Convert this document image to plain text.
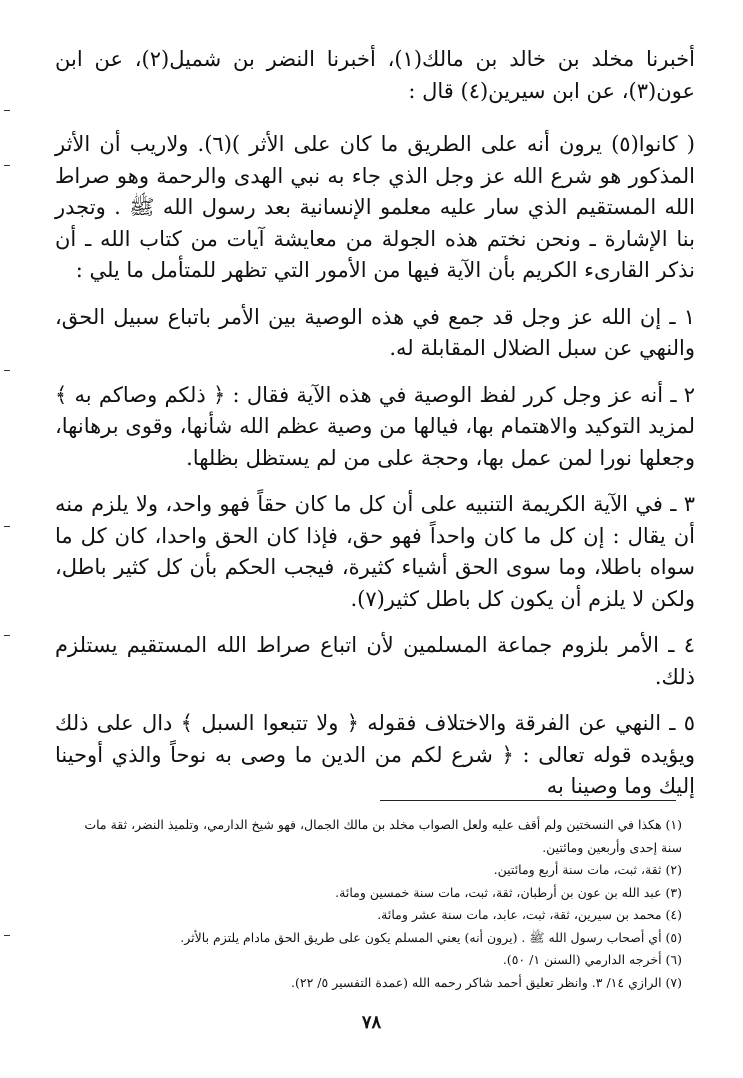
أخبرنا مخلد بن خالد بن مالك(١)، أخبرنا النضر بن شميل(٢)، عن ابن عون(٣)، عن ابن سيرين(٤) قال :

( كانوا(٥) يرون أنه على الطريق ما كان على الأثر )(٦). ولاريب أن الأثر المذكور هو شرع الله عز وجل الذي جاء به نبي الهدى والرحمة وهو صراط الله المستقيم الذي سار عليه معلمو الإنسانية بعد رسول الله ﷺ . وتجدر بنا الإشارة ـ ونحن نختم هذه الجولة من معايشة آيات من كتاب الله ـ أن نذكر القارىء الكريم بأن الآية فيها من الأمور التي تظهر للمتأمل ما يلي :

١ ـ إن الله عز وجل قد جمع في هذه الوصية بين الأمر باتباع سبيل الحق، والنهي عن سبل الضلال المقابلة له.

٢ ـ أنه عز وجل كرر لفظ الوصية في هذه الآية فقال : ﴿ ذلكم وصاكم به ﴾ لمزيد التوكيد والاهتمام بها، فيالها من وصية عظم الله شأنها، وقوى برهانها، وجعلها نورا لمن عمل بها، وحجة على من لم يستظل بظلها.

٣ ـ في الآية الكريمة التنبيه على أن كل ما كان حقاً فهو واحد، ولا يلزم منه أن يقال : إن كل ما كان واحداً فهو حق، فإذا كان الحق واحدا، كان كل ما سواه باطلا، وما سوى الحق أشياء كثيرة، فيجب الحكم بأن كل كثير باطل، ولكن لا يلزم أن يكون كل باطل كثير(٧).

٤ ـ الأمر بلزوم جماعة المسلمين لأن اتباع صراط الله المستقيم يستلزم ذلك.

٥ ـ النهي عن الفرقة والاختلاف فقوله ﴿ ولا تتبعوا السبل ﴾ دال على ذلك ويؤيده قوله تعالى : ﴿ شرع لكم من الدين ما وصى به نوحاً والذي أوحينا إليك وما وصينا به

(١) هكذا في النسختين ولم أقف عليه ولعل الصواب مخلد بن مالك الجمال، فهو شيخ الدارمي، وتلميذ النضر، ثقة مات سنة إحدى وأربعين ومائتين.

(٢) ثقة، ثبت، مات سنة أربع ومائتين.

(٣) عبد الله بن عون بن أرطبان، ثقة، ثبت، مات سنة خمسين ومائة.

(٤) محمد بن سيرين، ثقة، ثبت، عابد، مات سنة عشر ومائة.

(٥) أي أصحاب رسول الله ﷺ . (يرون أنه) يعني المسلم يكون على طريق الحق مادام يلتزم بالأثر.

(٦) أخرجه الدارمي (السنن ١/ ٥٠).

(٧) الرازي ١٤/ ٣. وانظر تعليق أحمد شاكر رحمه الله (عمدة التفسير ٥/ ٢٢).

٧٨
